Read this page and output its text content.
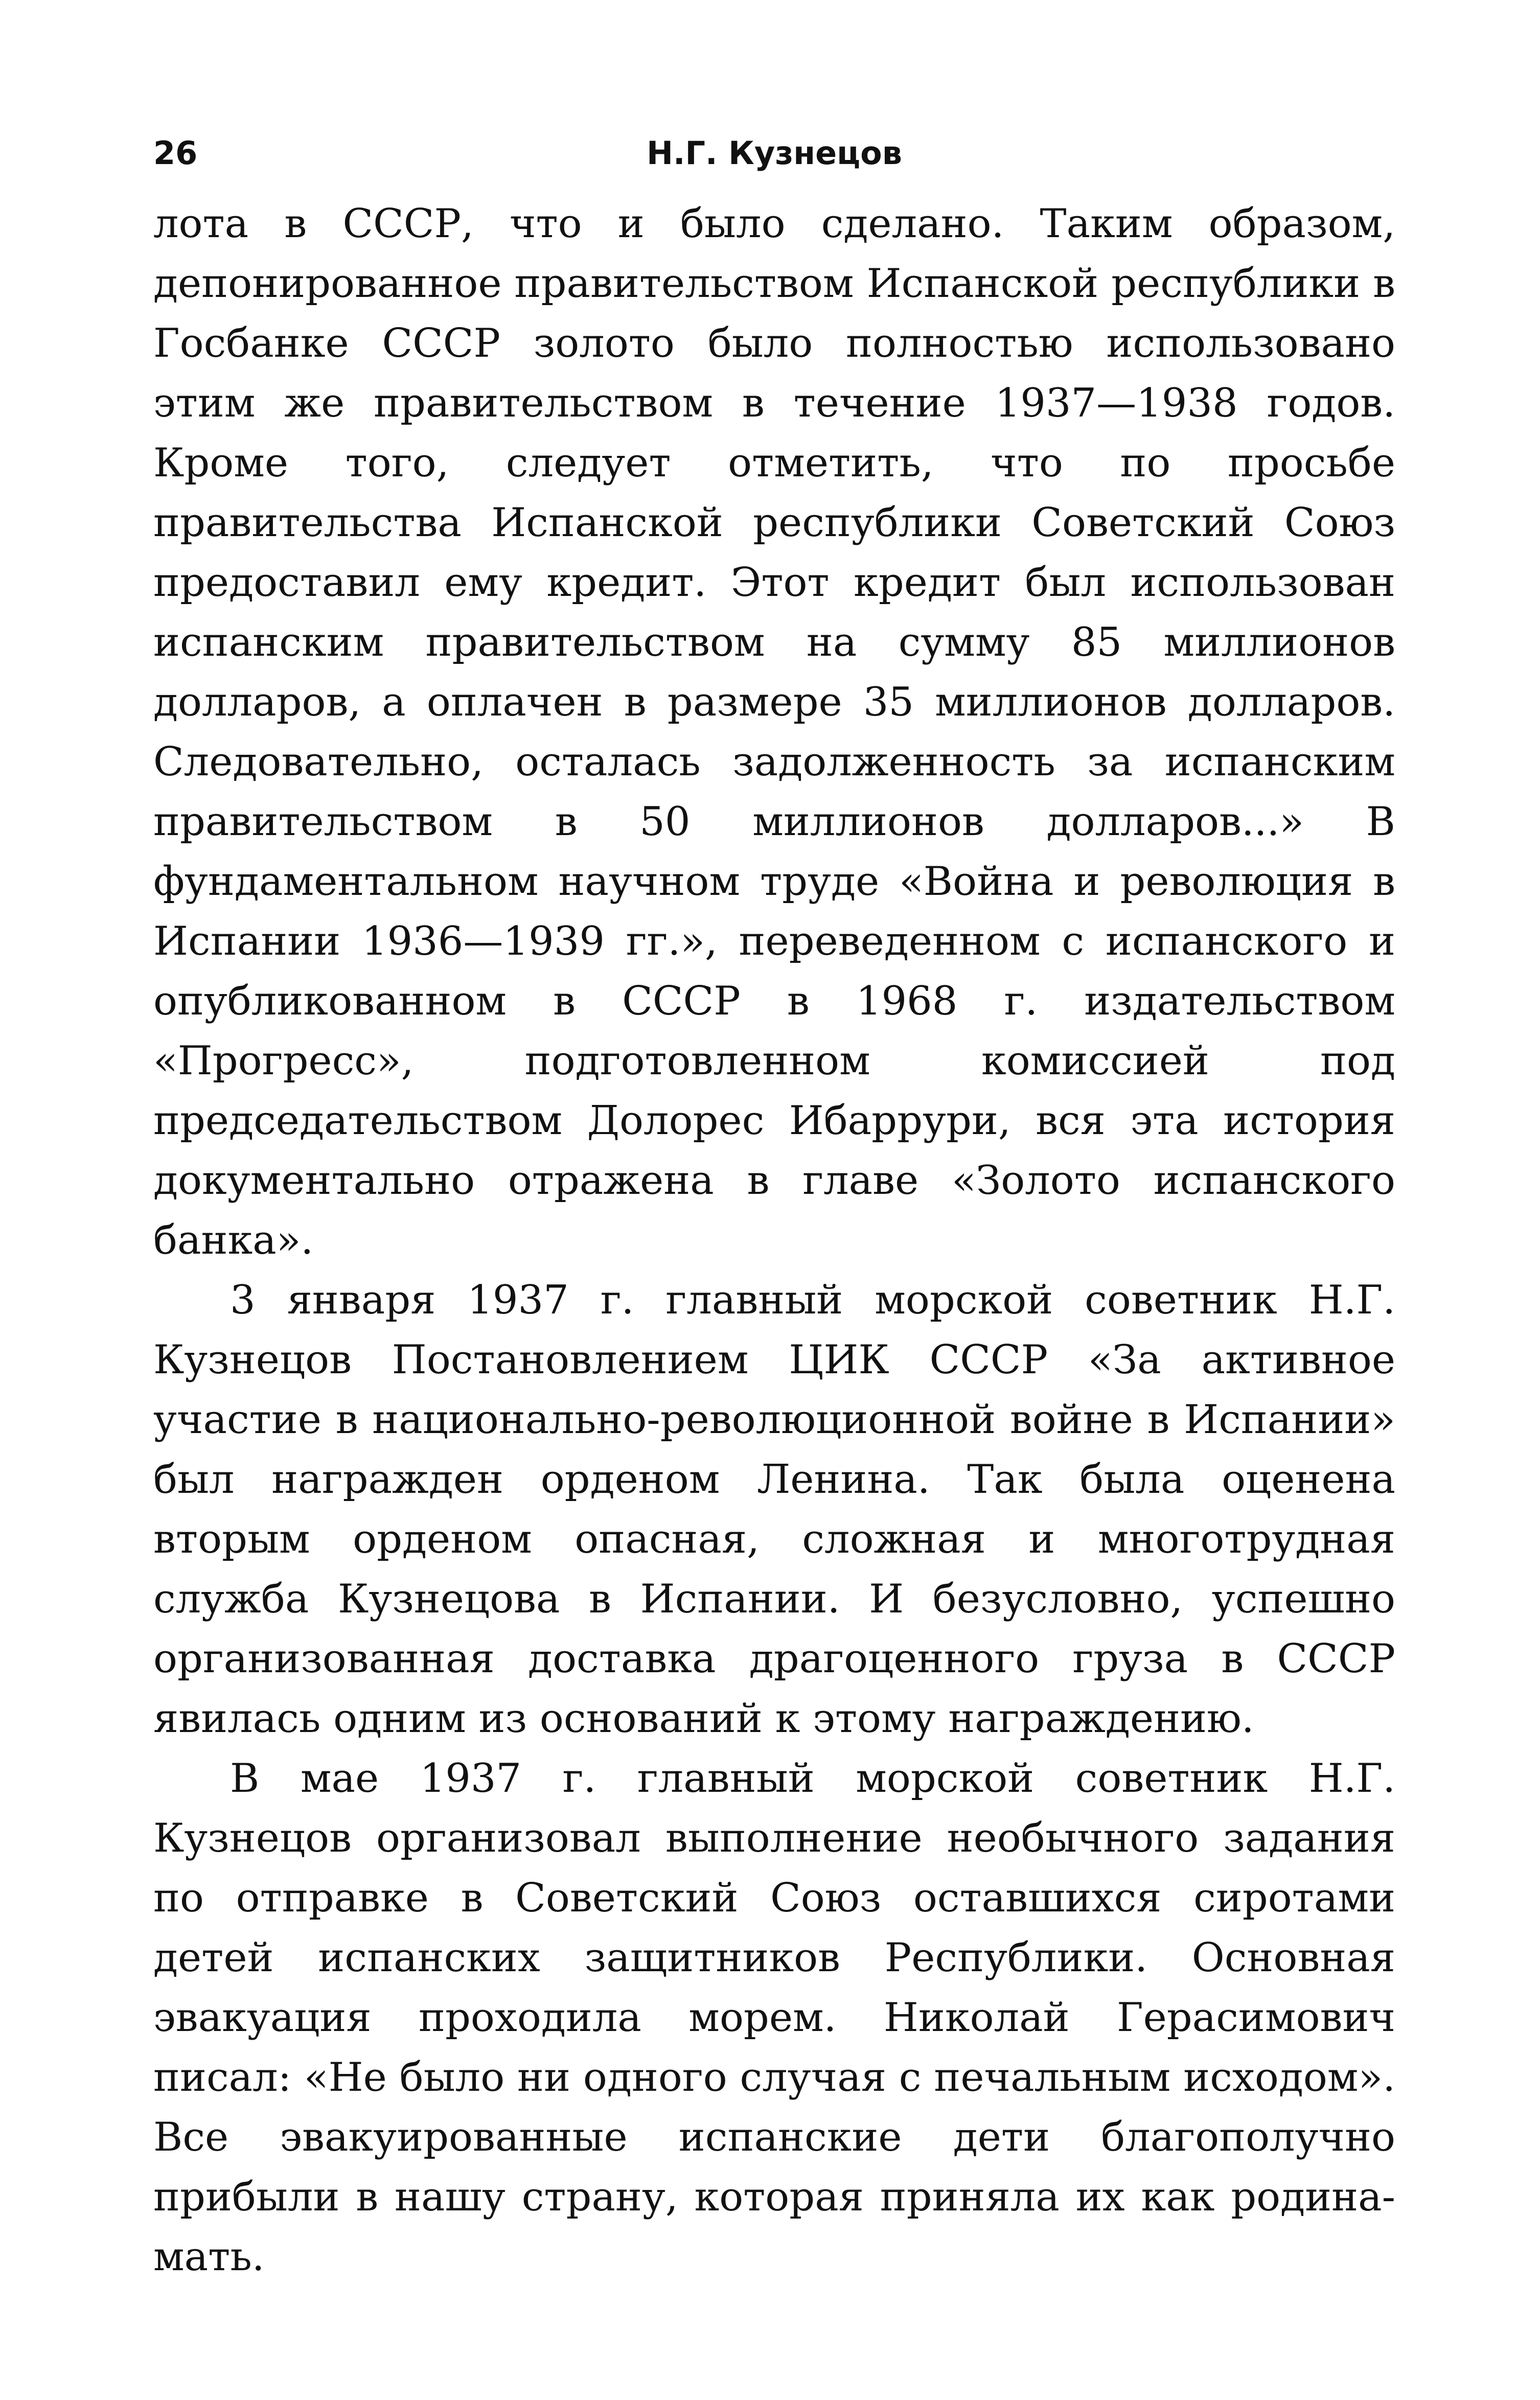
26	Н.Г. Кузнецов

лота в СССР, что и было сделано. Таким образом, депонированное правительством Испанской республики в Госбанке СССР золото было полностью использовано этим же правительством в течение 1937—1938 годов. Кроме того, следует отметить, что по просьбе правительства Испанской республики Советский Союз предоставил ему кредит. Этот кредит был использован испанским правительством на сумму 85 миллионов долларов, а оплачен в размере 35 миллионов долларов. Следовательно, осталась задолженность за испанским правительством в 50 миллионов долларов...» В фундаментальном научном труде «Война и революция в Испании 1936—1939 гг.», переведенном с испанского и опубликованном в СССР в 1968 г. издательством «Прогресс», подготовленном комиссией под председательством Долорес Ибаррури, вся эта история документально отражена в главе «Золото испанского банка».

3 января 1937 г. главный морской советник Н.Г. Кузнецов Постановлением ЦИК СССР «За активное участие в национально-революционной войне в Испании» был награжден орденом Ленина. Так была оценена вторым орденом опасная, сложная и многотрудная служба Кузнецова в Испании. И безусловно, успешно организованная доставка драгоценного груза в СССР явилась одним из оснований к этому награждению.

В мае 1937 г. главный морской советник Н.Г. Кузнецов организовал выполнение необычного задания по отправке в Советский Союз оставшихся сиротами детей испанских защитников Республики. Основная эвакуация проходила морем. Николай Герасимович писал: «Не было ни одного случая с печальным исходом». Все эвакуированные испанские дети благополучно прибыли в нашу страну, которая приняла их как родина-мать.
